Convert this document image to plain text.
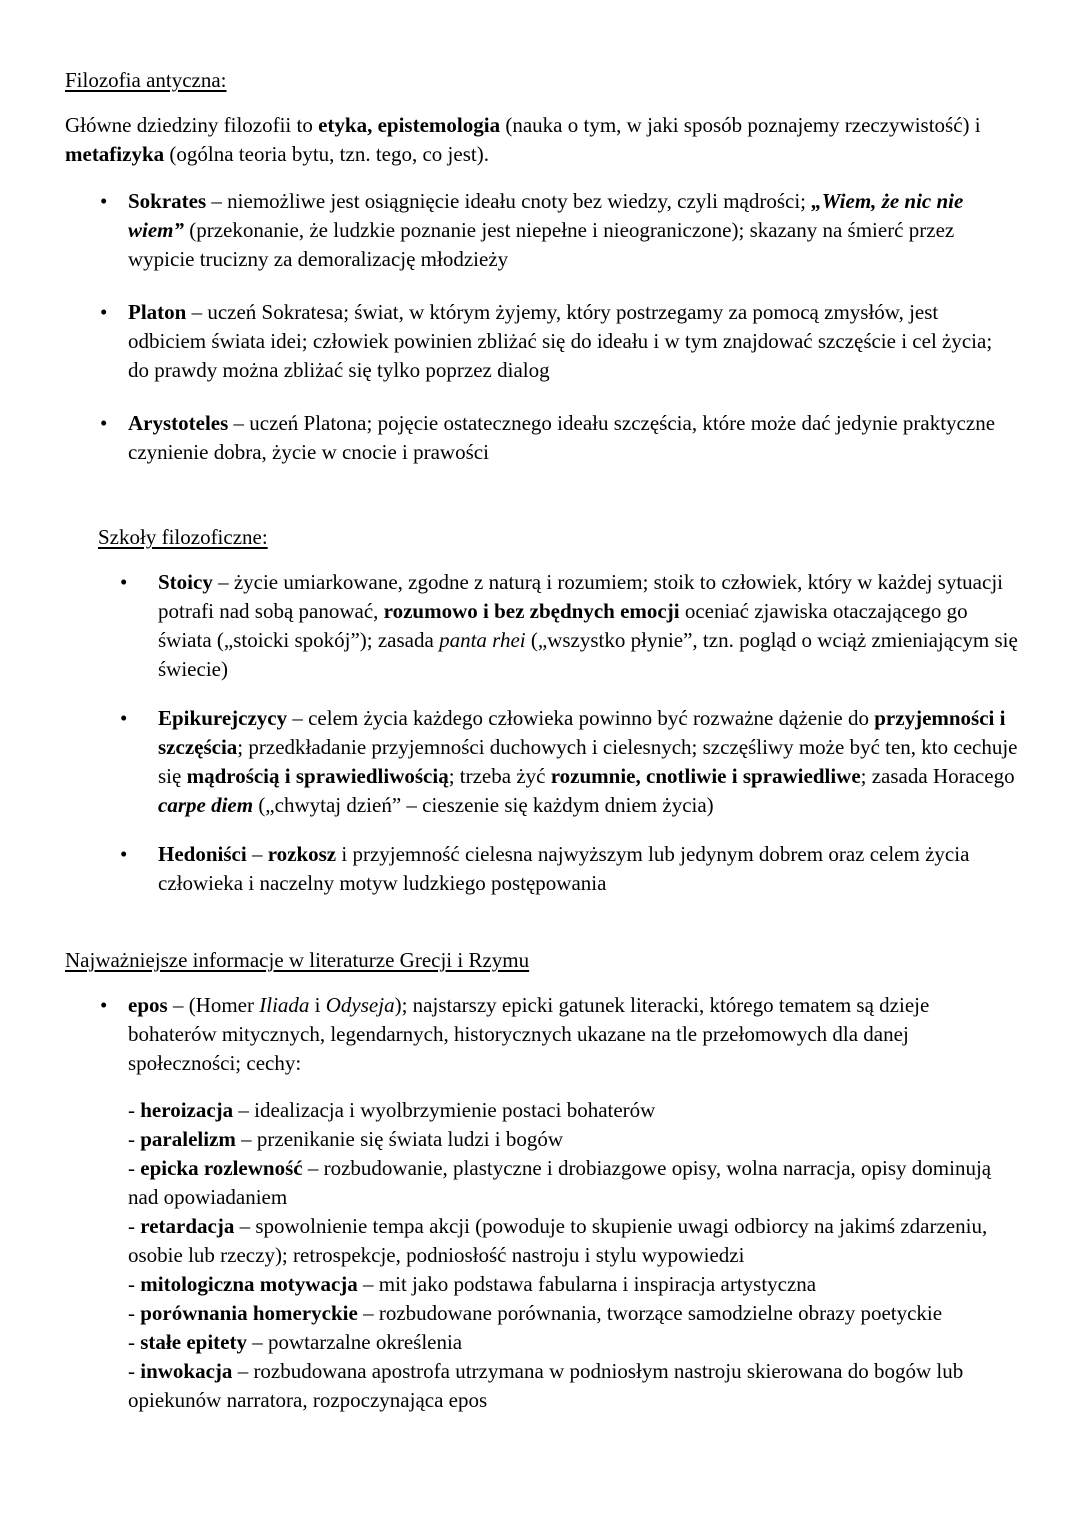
Filozofia antyczna:

Główne dziedziny filozofii to etyka, epistemologia (nauka o tym, w jaki sposób poznajemy rzeczywistość) i metafizyka (ogólna teoria bytu, tzn. tego, co jest).

• Sokrates – niemożliwe jest osiągnięcie ideału cnoty bez wiedzy, czyli mądrości; „Wiem, że nic nie wiem” (przekonanie, że ludzkie poznanie jest niepełne i nieograniczone); skazany na śmierć przez wypicie trucizny za demoralizację młodzieży
• Platon – uczeń Sokratesa; świat, w którym żyjemy, który postrzegamy za pomocą zmysłów, jest odbiciem świata idei; człowiek powinien zbliżać się do ideału i w tym znajdować szczęście i cel życia; do prawdy można zbliżać się tylko poprzez dialog
• Arystoteles – uczeń Platona; pojęcie ostatecznego ideału szczęścia, które może dać jedynie praktyczne czynienie dobra, życie w cnocie i prawości
Szkoły filozoficzne:
• Stoicy – życie umiarkowane, zgodne z naturą i rozumiem; stoik to człowiek, który w każdej sytuacji potrafi nad sobą panować, rozumowo i bez zbędnych emocji oceniać zjawiska otaczającego go świata („stoicki spokój”); zasada panta rhei („wszystko płynie”, tzn. pogląd o wciąż zmieniającym się świecie)
• Epikurejczycy – celem życia każdego człowieka powinno być rozważne dążenie do przyjemności i szczęścia; przedkładanie przyjemności duchowych i cielesnych; szczęśliwy może być ten, kto cechuje się mądrością i sprawiedliwością; trzeba żyć rozumnie, cnotliwie i sprawiedliwe; zasada Horacego carpe diem („chwytaj dzień” – cieszenie się każdym dniem życia)
• Hedoniści – rozkosz i przyjemność cielesna najwyższym lub jedynym dobrem oraz celem życia człowieka i naczelny motyw ludzkiego postępowania
Najważniejsze informacje w literaturze Grecji i Rzymu
• epos – (Homer Iliada i Odyseja); najstarszy epicki gatunek literacki, którego tematem są dzieje bohaterów mitycznych, legendarnych, historycznych ukazane na tle przełomowych dla danej społeczności; cechy:

- heroizacja – idealizacja i wyolbrzymienie postaci bohaterów

- paralelizm – przenikanie się świata ludzi i bogów

- epicka rozlewność – rozbudowanie, plastyczne i drobiazgowe opisy, wolna narracja, opisy dominują nad opowiadaniem

- retardacja – spowolnienie tempa akcji (powoduje to skupienie uwagi odbiorcy na jakimś zdarzeniu, osobie lub rzeczy); retrospekcje, podniosłość nastroju i stylu wypowiedzi

- mitologiczna motywacja – mit jako podstawa fabularna i inspiracja artystyczna

- porównania homeryckie – rozbudowane porównania, tworzące samodzielne obrazy poetyckie

- stałe epitety – powtarzalne określenia

- inwokacja – rozbudowana apostrofa utrzymana w podniosłym nastroju skierowana do bogów lub opiekunów narratora, rozpoczynająca epos
